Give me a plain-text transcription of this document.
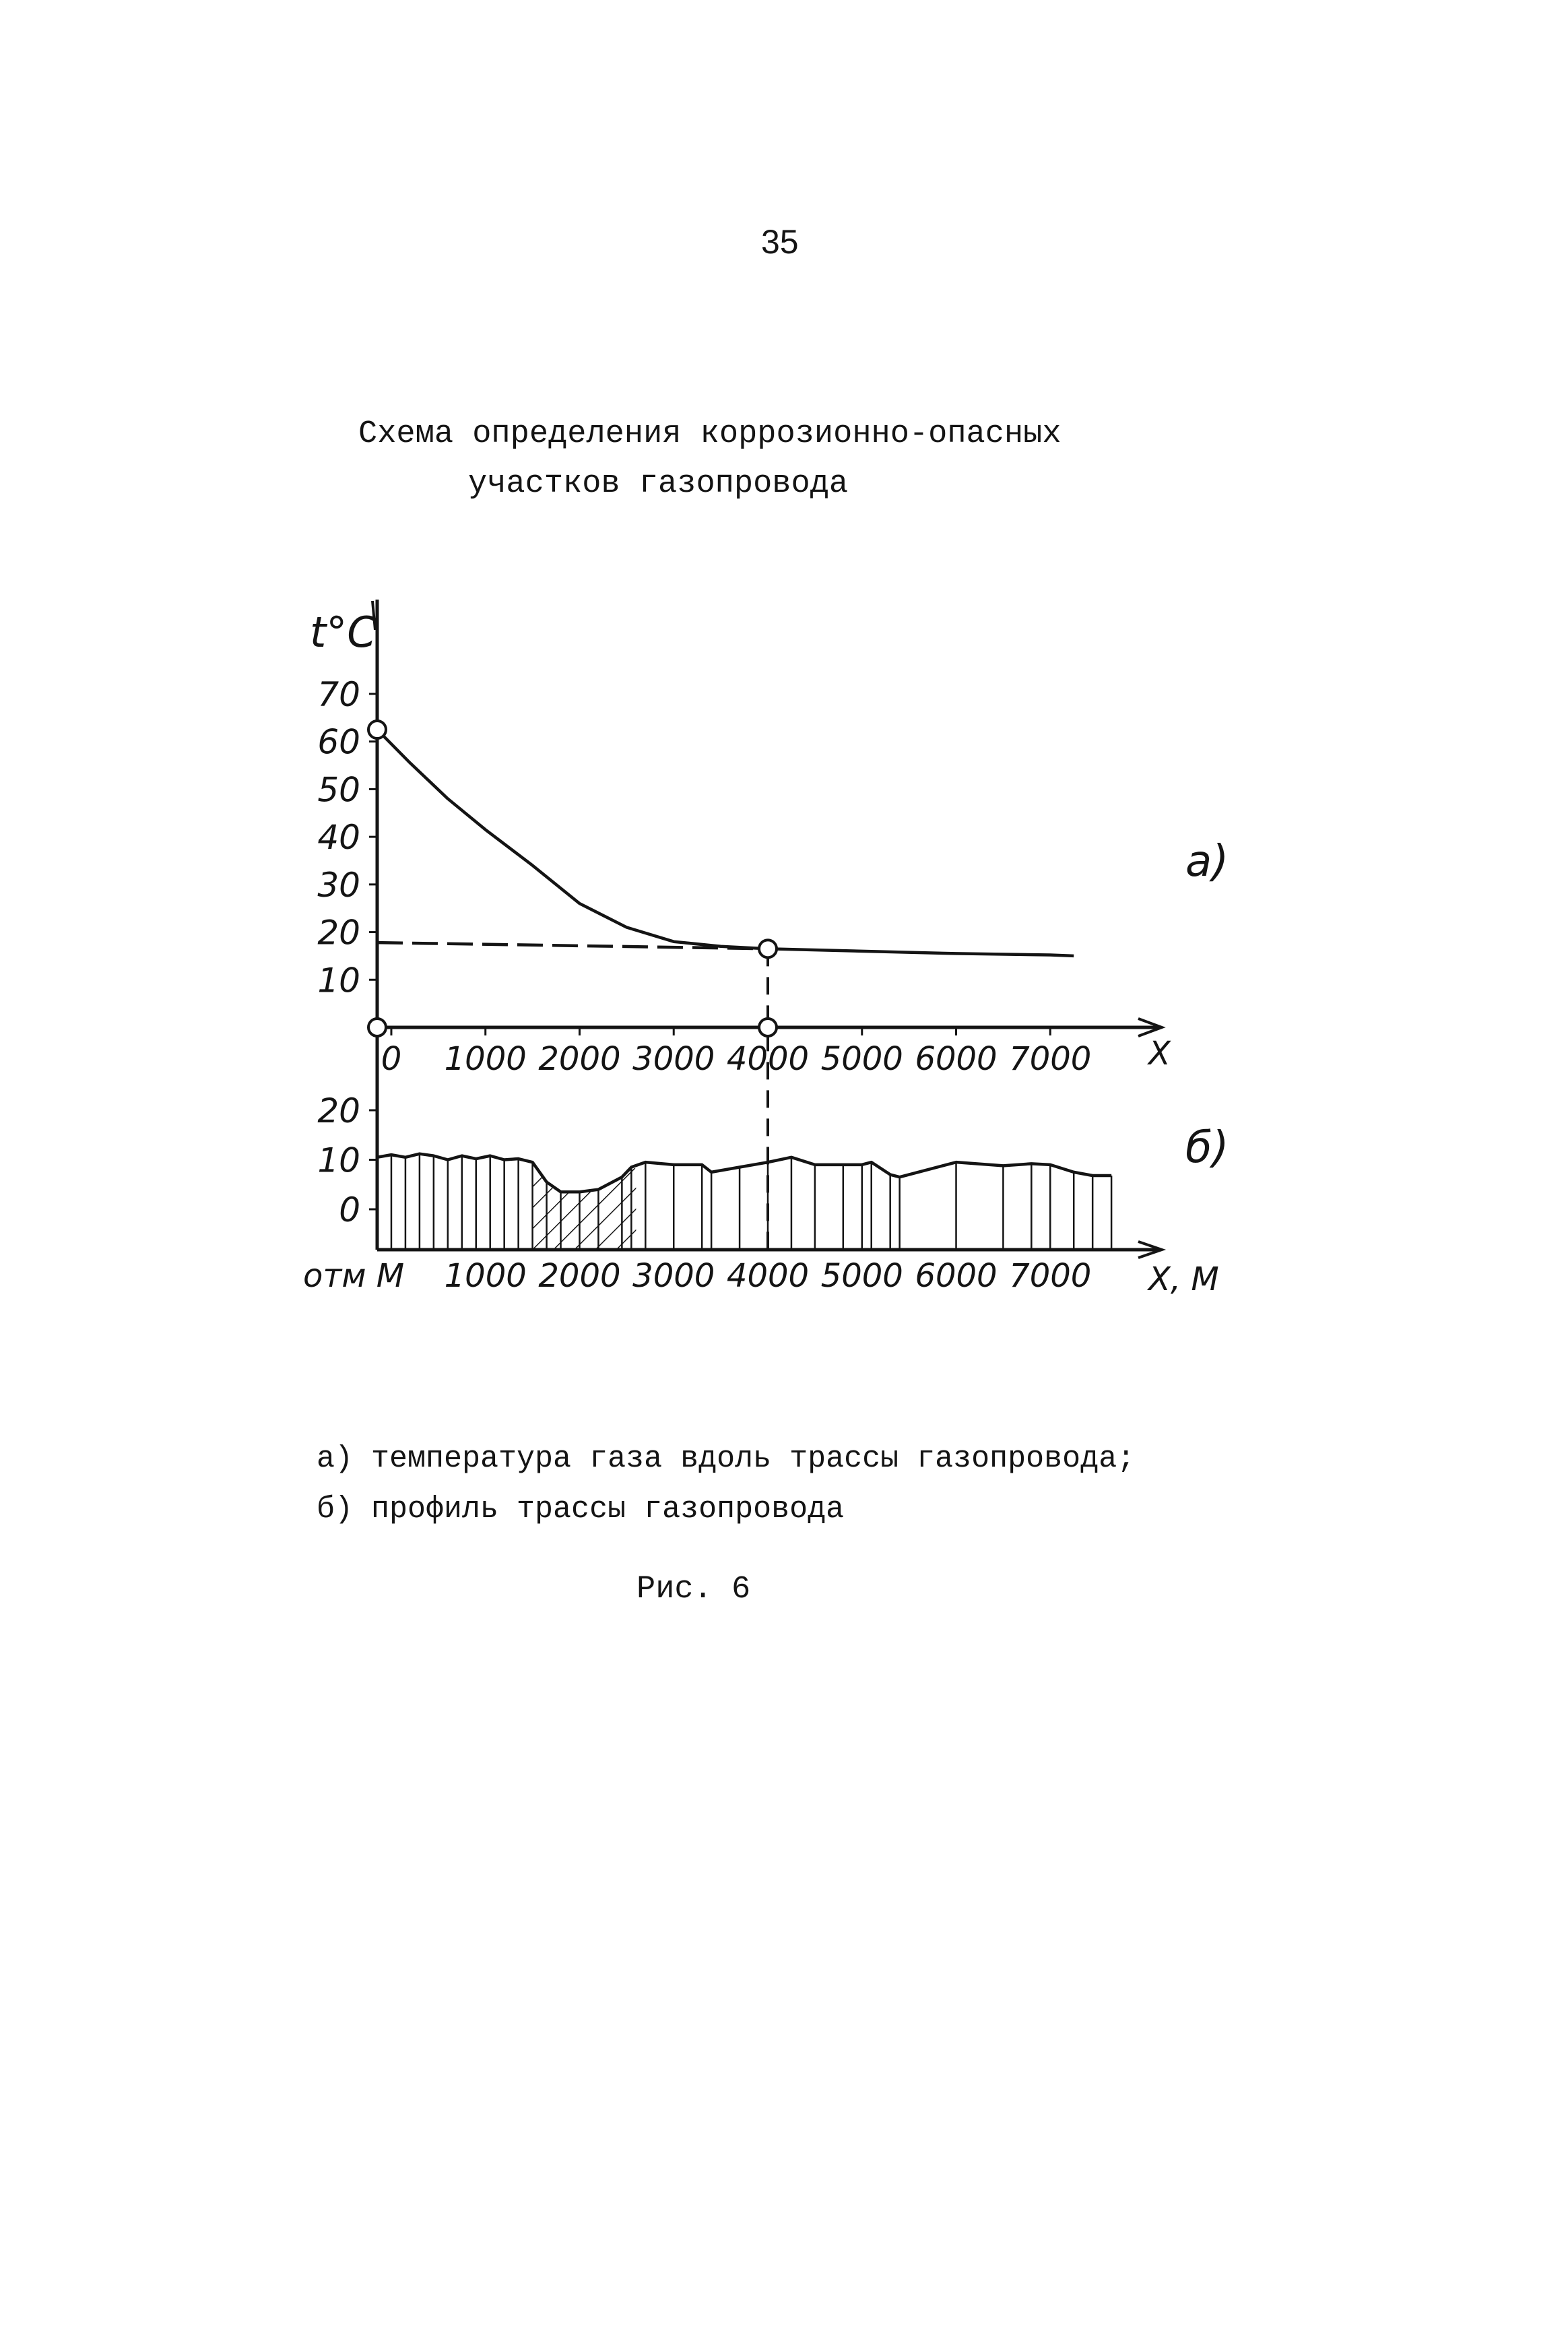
35
Схема определения коррозионно-опасных
участков газопровода
10
20
30
40
50
60
70
0 1000 2000 3000 4000 5000 6000 7000
t°C
X
а)
0
10
20
1000 2000 3000 4000 5000 6000 7000
отм М	X, М
б)
а) температура газа вдоль трассы газопровода;
б) профиль трассы газопровода
Рис. 6
